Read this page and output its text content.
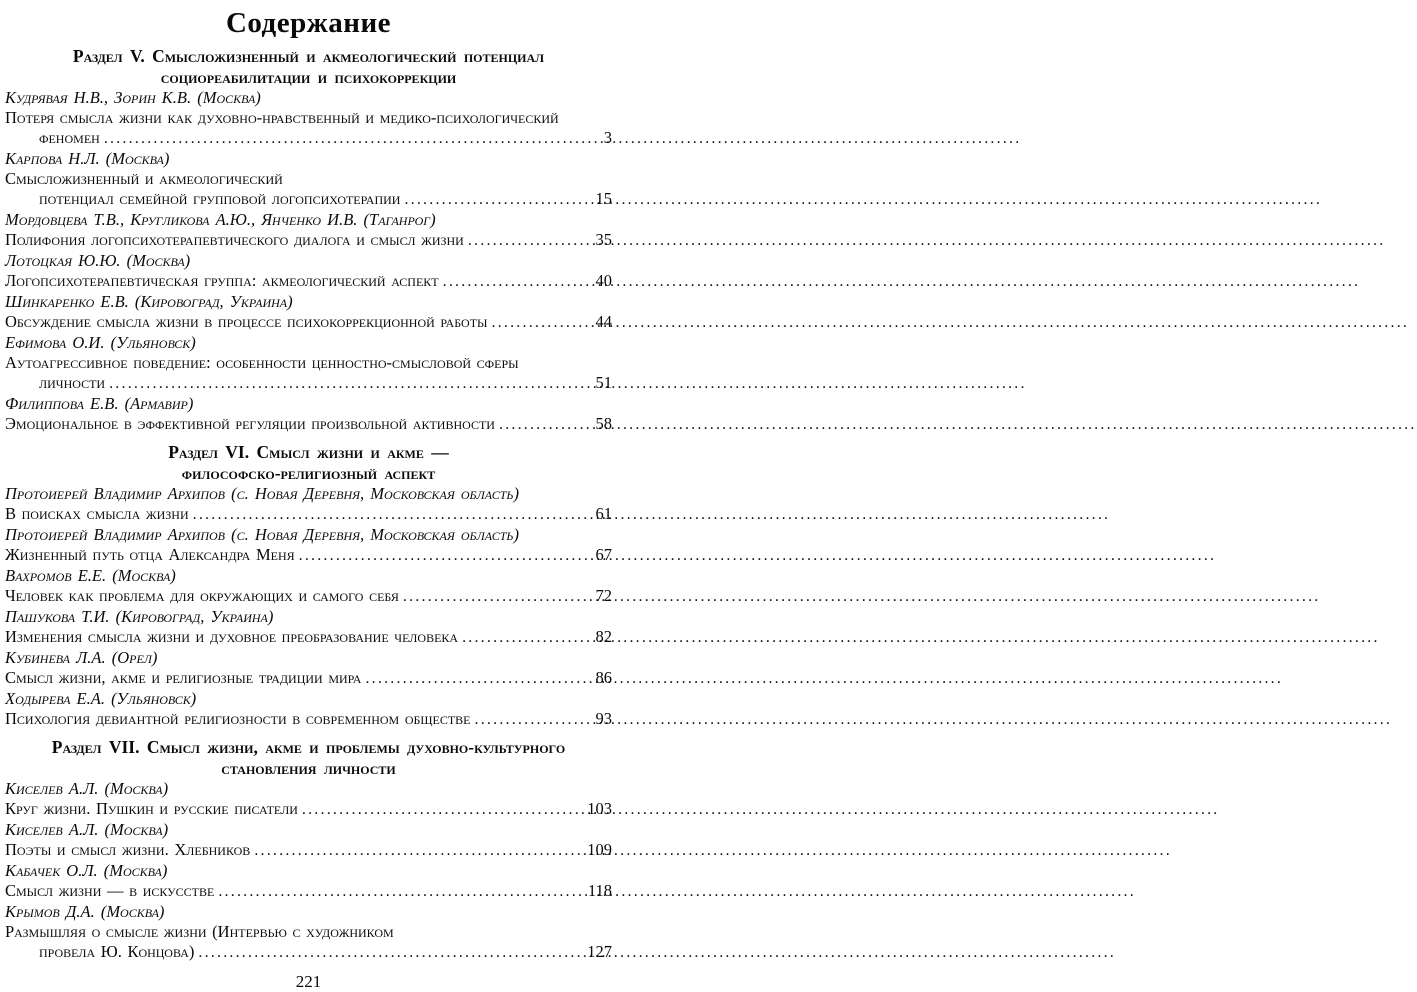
Содержание
Раздел V. Смысложизненный и акмеологический потенциал
социореабилитации и психокоррекции
Кудрявая Н.В., Зорин К.В. (Москва)
Потеря смысла жизни как духовно-нравственный и медико-психологический
феномен .....	3
Карпова Н.Л. (Москва)
Смысложизненный и акмеологический
потенциал семейной групповой логопсихотерапии .....	15
Мордовцева Т.В., Кругликова А.Ю., Янченко И.В. (Таганрог)
Полифония логопсихотерапевтического диалога и смысл жизни .....	35
Лотоцкая Ю.Ю. (Москва)
Логопсихотерапевтическая группа: акмеологический аспект .....	40
Шинкаренко Е.В. (Кировоград, Украина)
Обсуждение смысла жизни в процессе психокоррекционной работы .....	44
Ефимова О.И. (Ульяновск)
Аутоагрессивное поведение: особенности ценностно-смысловой сферы
личности .....	51
Филиппова Е.В. (Армавир)
Эмоциональное в эффективной регуляции произвольной активности .....	58
Раздел VI. Смысл жизни и акме —
философско-религиозный аспект
Протоиерей Владимир Архипов (с. Новая Деревня, Московская область)
В поисках смысла жизни .....	61
Протоиерей Владимир Архипов (с. Новая Деревня, Московская область)
Жизненный путь отца Александра Меня .....	67
Вахромов Е.Е. (Москва)
Человек как проблема для окружающих и самого себя .....	72
Пашукова Т.И. (Кировоград, Украина)
Изменения смысла жизни и духовное преобразование человека .....	82
Кубинева Л.А. (Орел)
Смысл жизни, акме и религиозные традиции мира .....	86
Ходырева Е.А. (Ульяновск)
Психология девиантной религиозности в современном обществе .....	93
Раздел VII. Смысл жизни, акме и проблемы духовно-культурного
становления личности
Киселев А.Л. (Москва)
Круг жизни. Пушкин и русские писатели .....	103
Киселев А.Л. (Москва)
Поэты и смысл жизни. Хлебников .....	109
Кабачек О.Л. (Москва)
Смысл жизни — в искусстве .....	118
Крымов Д.А. (Москва)
Размышляя о смысле жизни (Интервью с художником
провела Ю. Концова) .....	127
221
